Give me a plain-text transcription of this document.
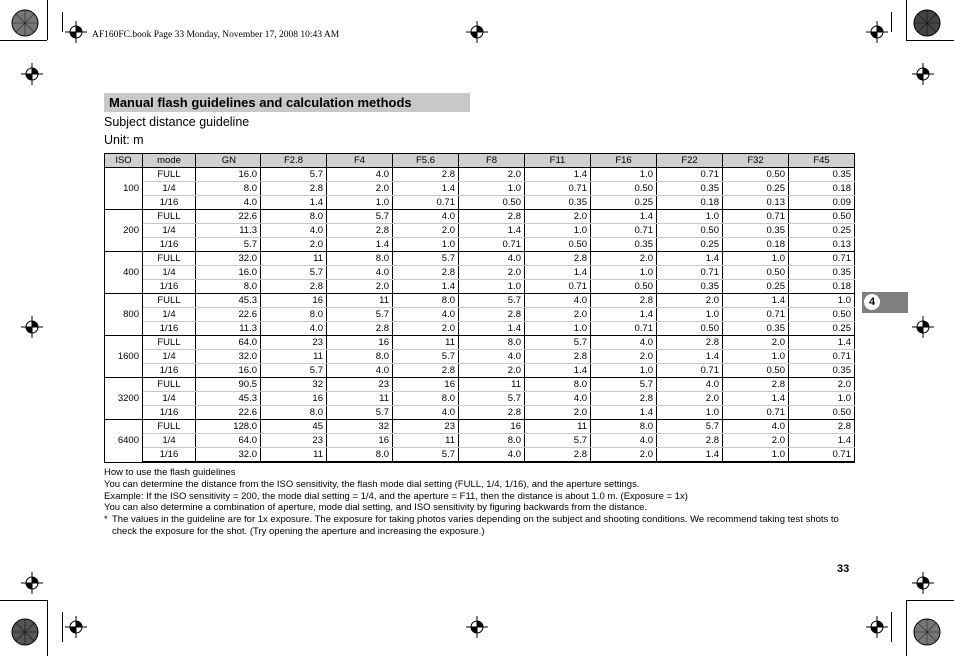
AF160FC.book Page 33 Monday, November 17, 2008 10:43 AM
Manual flash guidelines and calculation methods
Subject distance guideline
Unit: m
ISO	mode	GN	F2.8	F4	F5.6	F8	F11	F16	F22	F32	F45
100	FULL	16.0	5.7	4.0	2.8	2.0	1.4	1.0	0.71	0.50	0.35
	1/4	8.0	2.8	2.0	1.4	1.0	0.71	0.50	0.35	0.25	0.18
	1/16	4.0	1.4	1.0	0.71	0.50	0.35	0.25	0.18	0.13	0.09
200	FULL	22.6	8.0	5.7	4.0	2.8	2.0	1.4	1.0	0.71	0.50
	1/4	11.3	4.0	2.8	2.0	1.4	1.0	0.71	0.50	0.35	0.25
	1/16	5.7	2.0	1.4	1.0	0.71	0.50	0.35	0.25	0.18	0.13
400	FULL	32.0	11	8.0	5.7	4.0	2.8	2.0	1.4	1.0	0.71
	1/4	16.0	5.7	4.0	2.8	2.0	1.4	1.0	0.71	0.50	0.35
	1/16	8.0	2.8	2.0	1.4	1.0	0.71	0.50	0.35	0.25	0.18
800	FULL	45.3	16	11	8.0	5.7	4.0	2.8	2.0	1.4	1.0
	1/4	22.6	8.0	5.7	4.0	2.8	2.0	1.4	1.0	0.71	0.50
	1/16	11.3	4.0	2.8	2.0	1.4	1.0	0.71	0.50	0.35	0.25
1600	FULL	64.0	23	16	11	8.0	5.7	4.0	2.8	2.0	1.4
	1/4	32.0	11	8.0	5.7	4.0	2.8	2.0	1.4	1.0	0.71
	1/16	16.0	5.7	4.0	2.8	2.0	1.4	1.0	0.71	0.50	0.35
3200	FULL	90.5	32	23	16	11	8.0	5.7	4.0	2.8	2.0
	1/4	45.3	16	11	8.0	5.7	4.0	2.8	2.0	1.4	1.0
	1/16	22.6	8.0	5.7	4.0	2.8	2.0	1.4	1.0	0.71	0.50
6400	FULL	128.0	45	32	23	16	11	8.0	5.7	4.0	2.8
	1/4	64.0	23	16	11	8.0	5.7	4.0	2.8	2.0	1.4
	1/16	32.0	11	8.0	5.7	4.0	2.8	2.0	1.4	1.0	0.71

How to use the flash guidelines

You can determine the distance from the ISO sensitivity, the flash mode dial setting (FULL, 1/4, 1/16), and the aperture settings.

Example: If the ISO sensitivity = 200, the mode dial setting = 1/4, and the aperture = F11, then the distance is about 1.0 m. (Exposure = 1x)

You can also determine a combination of aperture, mode dial setting, and ISO sensitivity by figuring backwards from the distance.

* The values in the guideline are for 1x exposure. The exposure for taking photos varies depending on the subject and shooting conditions. We recommend taking test shots to check the exposure for the shot. (Try opening the aperture and increasing the exposure.)
4
33
